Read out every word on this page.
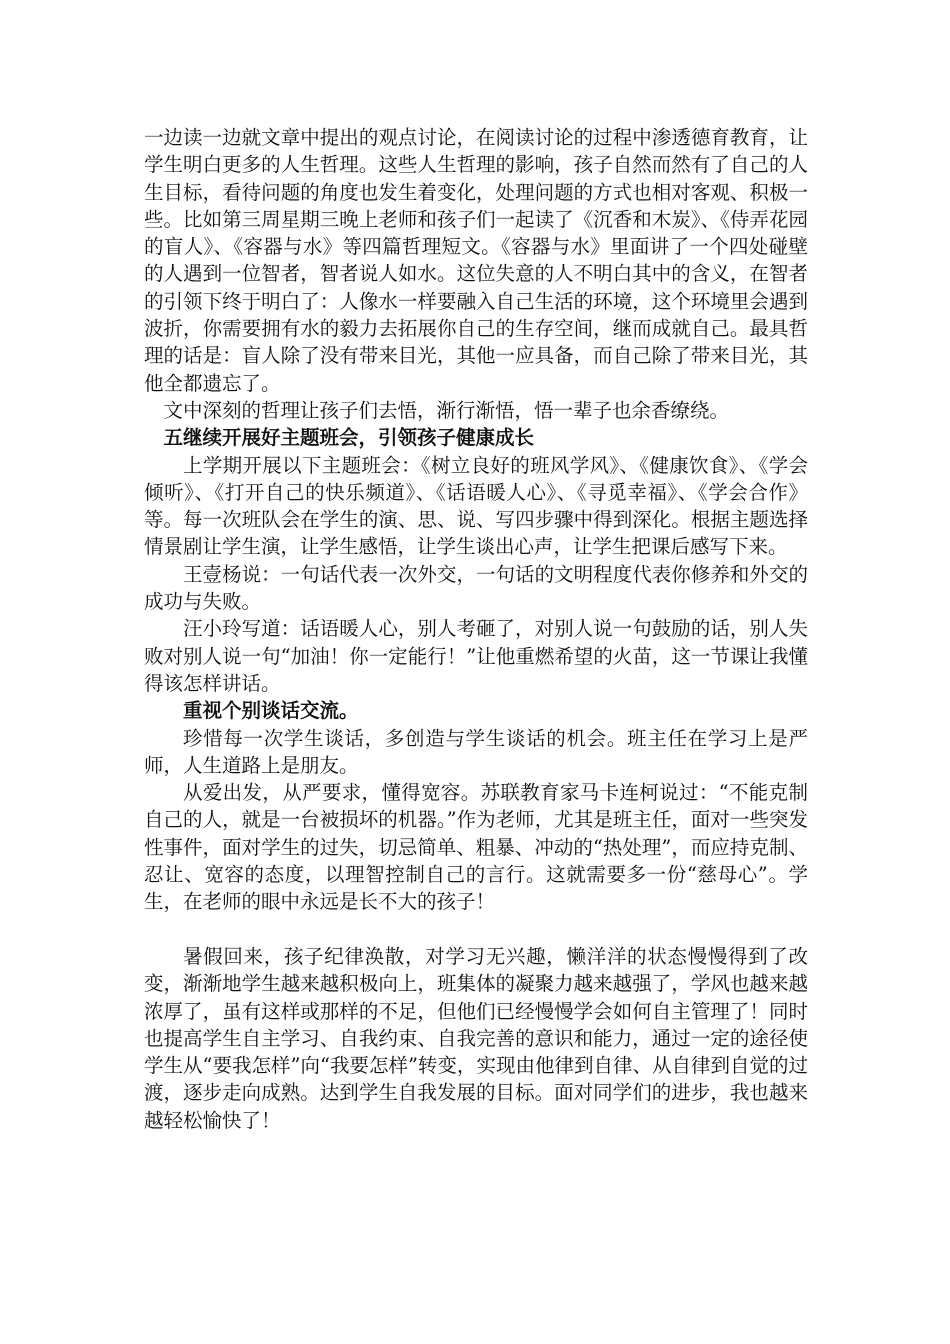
一边读一边就文章中提出的观点讨论，在阅读讨论的过程中渗透德育教育，让学生明白更多的人生哲理。这些人生哲理的影响，孩子自然而然有了自己的人生目标，看待问题的角度也发生着变化，处理问题的方式也相对客观、积极一些。比如第三周星期三晚上老师和孩子们一起读了《沉香和木炭》、《侍弄花园的盲人》、《容器与水》等四篇哲理短文。《容器与水》里面讲了一个四处碰壁的人遇到一位智者，智者说人如水。这位失意的人不明白其中的含义，在智者的引领下终于明白了：人像水一样要融入自己生活的环境，这个环境里会遇到波折，你需要拥有水的毅力去拓展你自己的生存空间，继而成就自己。最具哲理的话是：盲人除了没有带来目光，其他一应具备，而自己除了带来目光，其他全都遗忘了。

文中深刻的哲理让孩子们去悟，渐行渐悟，悟一辈子也余香缭绕。

五继续开展好主题班会，引领孩子健康成长

上学期开展以下主题班会：《树立良好的班风学风》、《健康饮食》、《学会倾听》、《打开自己的快乐频道》、《话语暖人心》、《寻觅幸福》、《学会合作》等。每一次班队会在学生的演、思、说、写四步骤中得到深化。根据主题选择情景剧让学生演，让学生感悟，让学生谈出心声，让学生把课后感写下来。

王壹杨说：一句话代表一次外交，一句话的文明程度代表你修养和外交的成功与失败。

汪小玲写道：话语暖人心，别人考砸了，对别人说一句鼓励的话，别人失败对别人说一句“加油！你一定能行！”让他重燃希望的火苗，这一节课让我懂得该怎样讲话。

重视个别谈话交流。

珍惜每一次学生谈话，多创造与学生谈话的机会。班主任在学习上是严师，人生道路上是朋友。

从爱出发，从严要求，懂得宽容。苏联教育家马卡连柯说过：“不能克制自己的人，就是一台被损坏的机器。”作为老师，尤其是班主任，面对一些突发性事件，面对学生的过失，切忌简单、粗暴、冲动的“热处理”，而应持克制、忍让、宽容的态度，以理智控制自己的言行。这就需要多一份“慈母心”。学生，在老师的眼中永远是长不大的孩子！

暑假回来，孩子纪律涣散，对学习无兴趣，懒洋洋的状态慢慢得到了改变，渐渐地学生越来越积极向上，班集体的凝聚力越来越强了，学风也越来越浓厚了，虽有这样或那样的不足，但他们已经慢慢学会如何自主管理了！同时也提高学生自主学习、自我约束、自我完善的意识和能力，通过一定的途径使学生从“要我怎样”向“我要怎样”转变，实现由他律到自律、从自律到自觉的过渡，逐步走向成熟。达到学生自我发展的目标。面对同学们的进步，我也越来越轻松愉快了！
